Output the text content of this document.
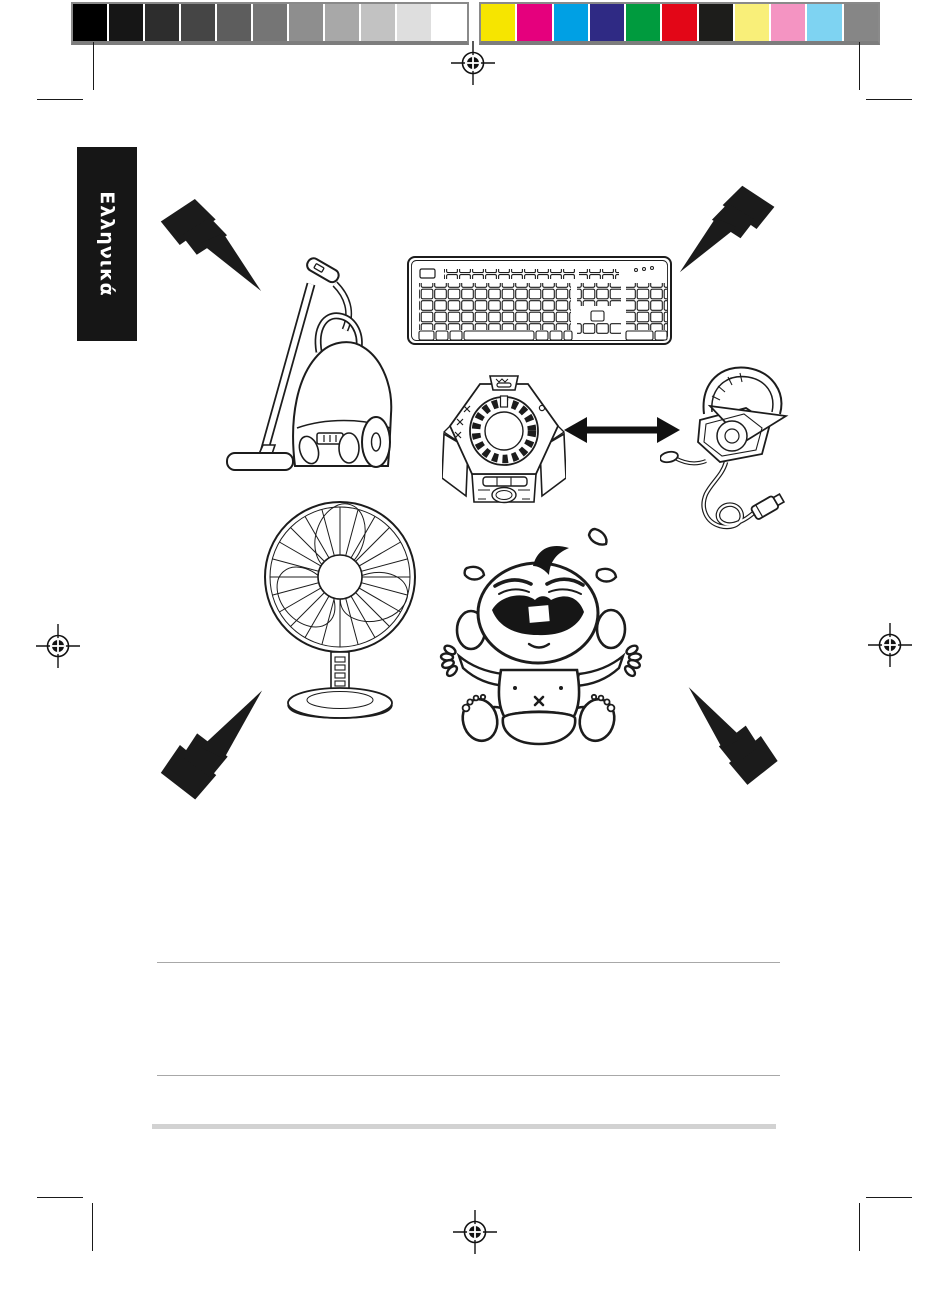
Ελληνικά
